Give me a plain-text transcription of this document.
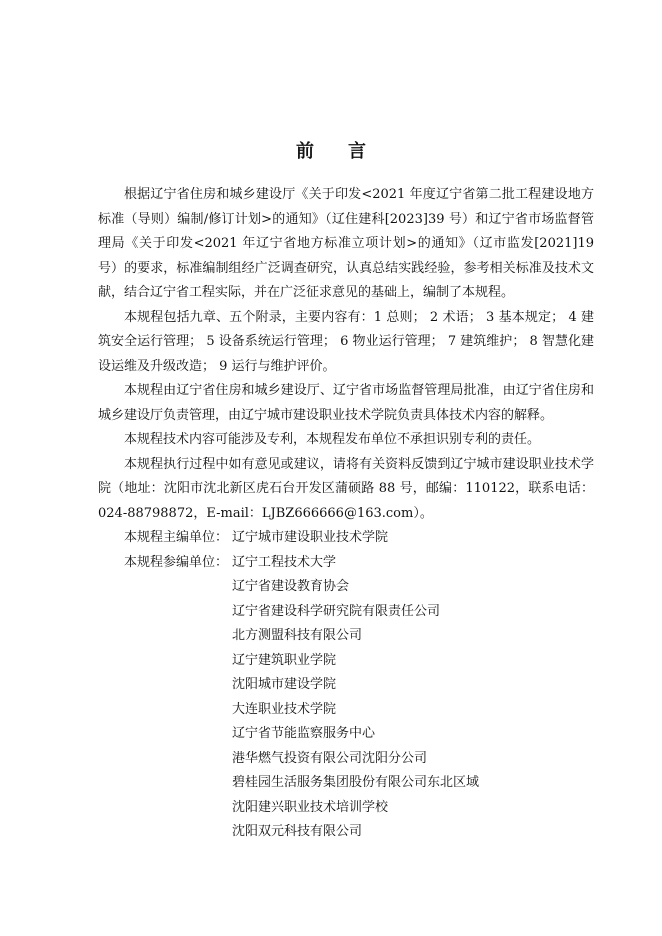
前 言

根据辽宁省住房和城乡建设厅《关于印发<2021 年度辽宁省第二批工程建设地方标准（导则）编制/修订计划>的通知》（辽住建科[2023]39 号）和辽宁省市场监督管理局《关于印发<2021 年辽宁省地方标准立项计划>的通知》（辽市监发[2021]19 号）的要求，标准编制组经广泛调查研究，认真总结实践经验，参考相关标准及技术文献，结合辽宁省工程实际，并在广泛征求意见的基础上，编制了本规程。

本规程包括九章、五个附录，主要内容有：1 总则； 2 术语； 3 基本规定； 4 建筑安全运行管理； 5 设备系统运行管理； 6 物业运行管理； 7 建筑维护； 8 智慧化建设运维及升级改造； 9 运行与维护评价。

本规程由辽宁省住房和城乡建设厅、辽宁省市场监督管理局批准，由辽宁省住房和城乡建设厅负责管理，由辽宁城市建设职业技术学院负责具体技术内容的解释。

本规程技术内容可能涉及专利，本规程发布单位不承担识别专利的责任。

本规程执行过程中如有意见或建议，请将有关资料反馈到辽宁城市建设职业技术学院（地址：沈阳市沈北新区虎石台开发区蒲硕路 88 号，邮编：110122，联系电话：024-88798872，E-mail：LJBZ666666@163.com）。

本规程主编单位： 辽宁城市建设职业技术学院
本规程参编单位： 辽宁工程技术大学
辽宁省建设教育协会
辽宁省建设科学研究院有限责任公司
北方测盟科技有限公司
辽宁建筑职业学院
沈阳城市建设学院
大连职业技术学院
辽宁省节能监察服务中心
港华燃气投资有限公司沈阳分公司
碧桂园生活服务集团股份有限公司东北区域
沈阳建兴职业技术培训学校
沈阳双元科技有限公司
